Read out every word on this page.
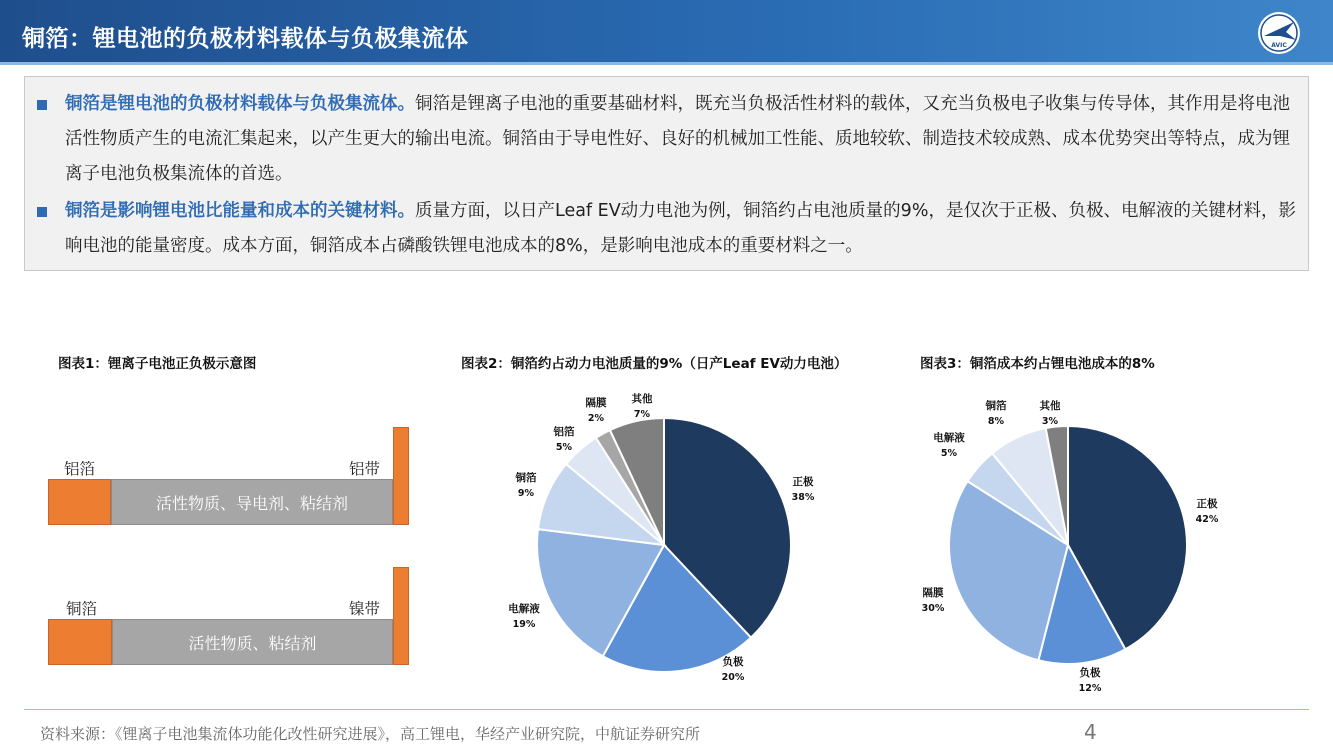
铜箔：锂电池的负极材料载体与负极集流体	AVIC
铜箔是锂电池的负极材料载体与负极集流体。铜箔是锂离子电池的重要基础材料，既充当负极活性材料的载体，又充当负极电子收集与传导体，其作用是将电池活性物质产生的电流汇集起来，以产生更大的输出电流。铜箔由于导电性好、良好的机械加工性能、质地较软、制造技术较成熟、成本优势突出等特点，成为锂离子电池负极集流体的首选。
铜箔是影响锂电池比能量和成本的关键材料。质量方面，以日产Leaf EV动力电池为例，铜箔约占电池质量的9%，是仅次于正极、负极、电解液的关键材料，影响电池的能量密度。成本方面，铜箔成本占磷酸铁锂电池成本的8%，是影响电池成本的重要材料之一。
图表1：锂离子电池正负极示意图
铝箔	铝带
活性物质、导电剂、粘结剂
铜箔	镍带
活性物质、粘结剂
图表2：铜箔约占动力电池质量的9%（日产Leaf EV动力电池）
正极
38%
负极
20%
电解液
19%
铜箔
9%
铝箔
5%
隔膜
2%
其他
7%
图表3：铜箔成本约占锂电池成本的8%
正极
42%
负极
12%
隔膜
30%
电解液
5%
铜箔
8%
其他
3%
资料来源：《锂离子电池集流体功能化改性研究进展》，高工锂电，华经产业研究院，中航证券研究所	4
